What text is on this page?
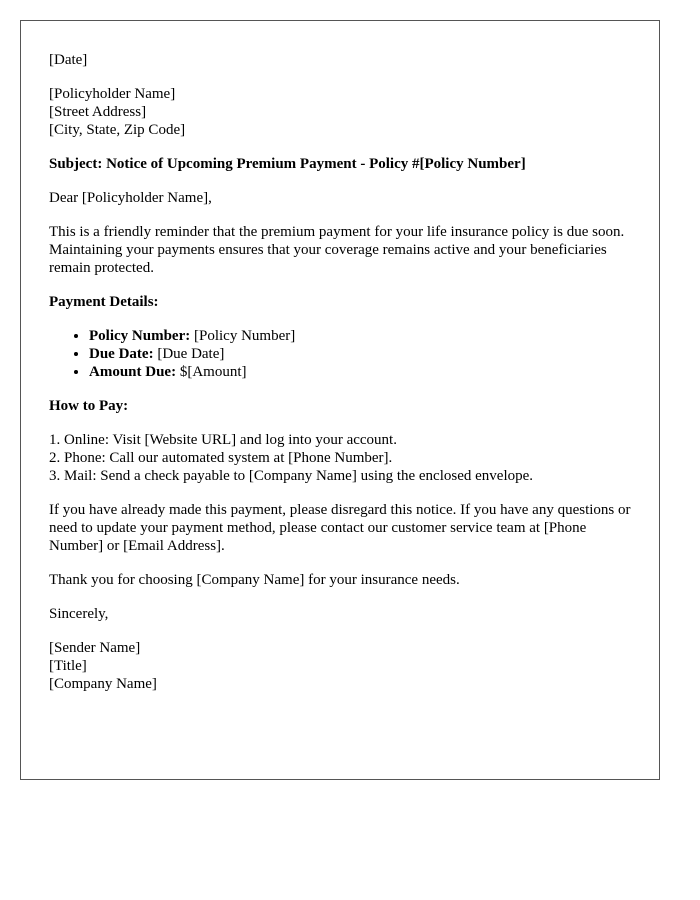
[Date]

[Policyholder Name]
[Street Address]
[City, State, Zip Code]

Subject: Notice of Upcoming Premium Payment - Policy #[Policy Number]

Dear [Policyholder Name],

This is a friendly reminder that the premium payment for your life insurance policy is due soon. Maintaining your payments ensures that your coverage remains active and your beneficiaries remain protected.

Payment Details:

• Policy Number: [Policy Number]
• Due Date: [Due Date]
• Amount Due: $[Amount]

How to Pay:

1. Online: Visit [Website URL] and log into your account.
2. Phone: Call our automated system at [Phone Number].
3. Mail: Send a check payable to [Company Name] using the enclosed envelope.

If you have already made this payment, please disregard this notice. If you have any questions or need to update your payment method, please contact our customer service team at [Phone Number] or [Email Address].

Thank you for choosing [Company Name] for your insurance needs.

Sincerely,

[Sender Name]
[Title]
[Company Name]
